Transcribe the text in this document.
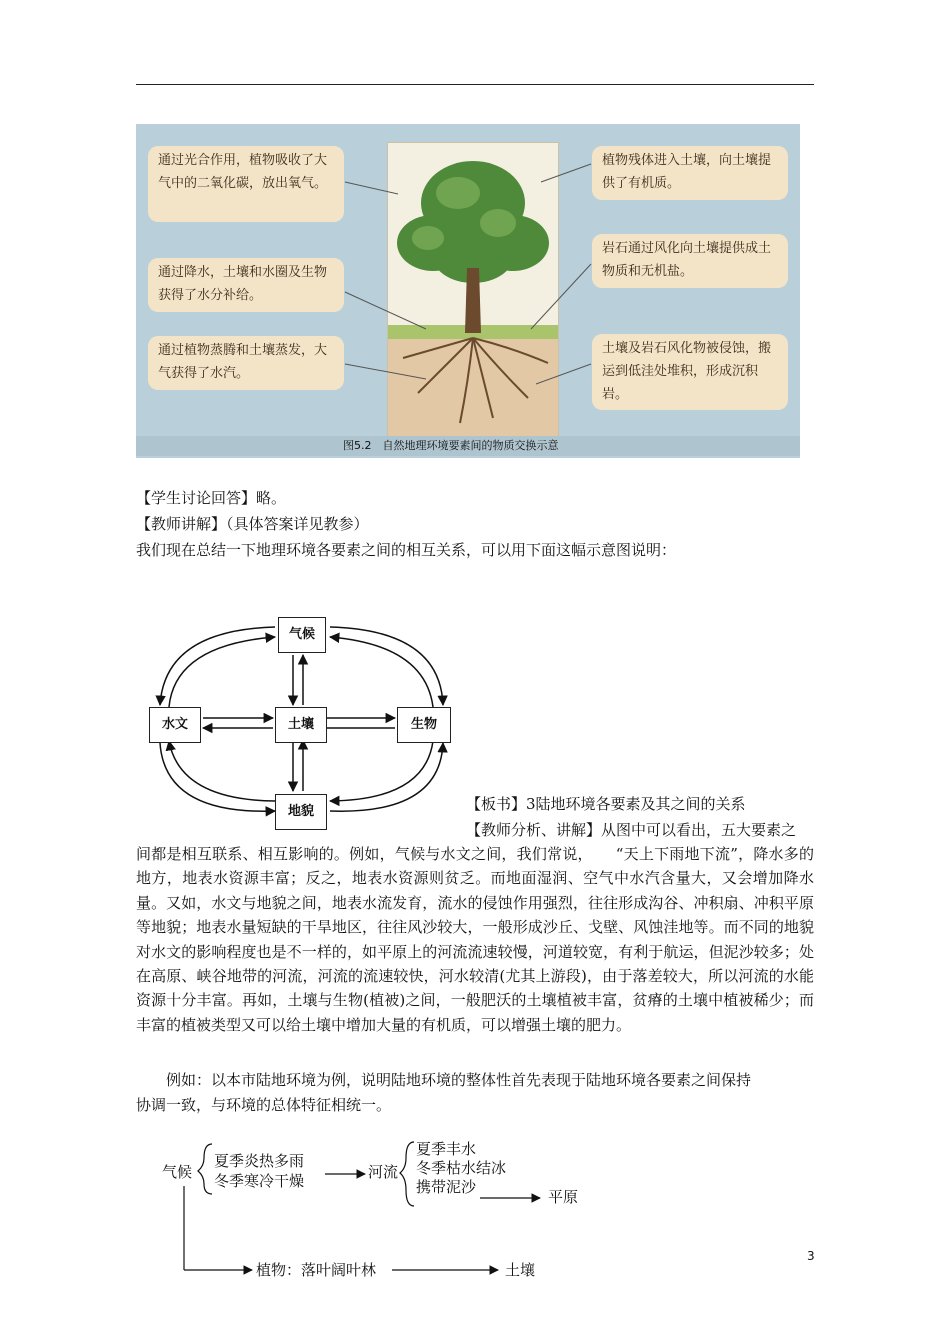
通过光合作用，植物吸收了大气中的二氧化碳，放出氧气。
通过降水，土壤和水圈及生物获得了水分补给。
通过植物蒸腾和土壤蒸发，大气获得了水汽。
植物残体进入土壤，向土壤提供了有机质。
岩石通过风化向土壤提供成土物质和无机盐。
土壤及岩石风化物被侵蚀，搬运到低洼处堆积，形成沉积岩。
图5.2　自然地理环境要素间的物质交换示意
【学生讨论回答】略。
【教师讲解】（具体答案详见教参）
我们现在总结一下地理环境各要素之间的相互关系，可以用下面这幅示意图说明：
气候
水文	土壤	生物
地貌	【板书】3陆地环境各要素及其之间的关系
【教师分析、讲解】从图中可以看出，五大要素之
间都是相互联系、相互影响的。例如，气候与水文之间，我们常说，　　“天上下雨地下流”，降水多的地方，地表水资源丰富；反之，地表水资源则贫乏。而地面湿润、空气中水汽含量大，又会增加降水量。又如，水文与地貌之间，地表水流发育，流水的侵蚀作用强烈，往往形成沟谷、冲积扇、冲积平原等地貌；地表水量短缺的干旱地区，往往风沙较大，一般形成沙丘、戈壁、风蚀洼地等。而不同的地貌对水文的影响程度也是不一样的，如平原上的河流流速较慢，河道较宽，有利于航运，但泥沙较多；处在高原、峡谷地带的河流，河流的流速较快，河水较清(尤其上游段)，由于落差较大，所以河流的水能资源十分丰富。再如，土壤与生物(植被)之间，一般肥沃的土壤植被丰富，贫瘠的土壤中植被稀少；而丰富的植被类型又可以给土壤中增加大量的有机质，可以增强土壤的肥力。
例如：以本市陆地环境为例，说明陆地环境的整体性首先表现于陆地环境各要素之间保持
协调一致，与环境的总体特征相统一。
气候
夏季炎热多雨
冬季寒冷干燥	河流
夏季丰水
冬季枯水结冰
携带泥沙
平原
植物：落叶阔叶林	土壤
3
